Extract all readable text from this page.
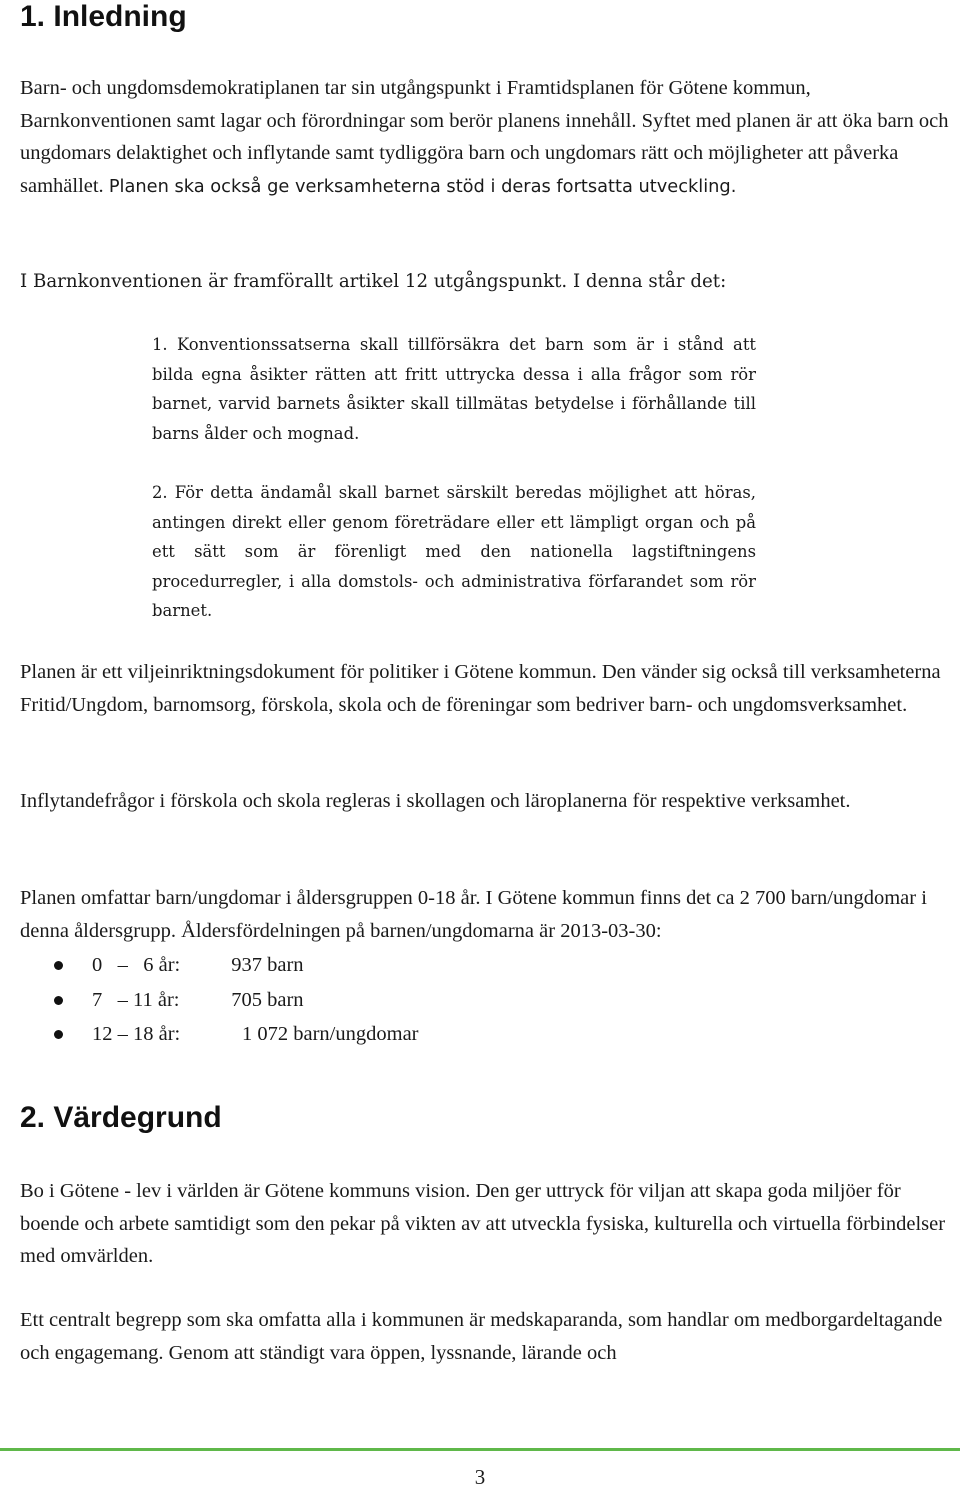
1. Inledning

Barn- och ungdomsdemokratiplanen tar sin utgångspunkt i Framtidsplanen för Götene kommun, Barnkonventionen samt lagar och förordningar som berör planens innehåll. Syftet med planen är att öka barn och ungdomars delaktighet och inflytande samt tydliggöra barn och ungdomars rätt och möjligheter att påverka samhället. Planen ska också ge verksamheterna stöd i deras fortsatta utveckling.

I Barnkonventionen är framförallt artikel 12 utgångspunkt. I denna står det:

1. Konventionssatserna skall tillförsäkra det barn som är i stånd att bilda egna åsikter rätten att fritt uttrycka dessa i alla frågor som rör barnet, varvid barnets åsikter skall tillmätas betydelse i förhållande till barns ålder och mognad.

2. För detta ändamål skall barnet särskilt beredas möjlighet att höras, antingen direkt eller genom företrädare eller ett lämpligt organ och på ett sätt som är förenligt med den nationella lagstiftningens procedurregler, i alla domstols- och administrativa förfarandet som rör barnet.

Planen är ett viljeinriktningsdokument för politiker i Götene kommun. Den vänder sig också till verksamheterna Fritid/Ungdom, barnomsorg, förskola, skola och de föreningar som bedriver barn- och ungdomsverksamhet.

Inflytandefrågor i förskola och skola regleras i skollagen och läroplanerna för respektive verksamhet.

Planen omfattar barn/ungdomar i åldersgruppen 0-18 år. I Götene kommun finns det ca 2 700 barn/ungdomar i denna åldersgrupp. Åldersfördelningen på barnen/ungdomarna är 2013-03-30:

0   –   6 år: 937 barn
7   – 11 år: 705 barn
12 – 18 år:	1 072 barn/ungdomar
2. Värdegrund

Bo i Götene - lev i världen är Götene kommuns vision. Den ger uttryck för viljan att skapa goda miljöer för boende och arbete samtidigt som den pekar på vikten av att utveckla fysiska, kulturella och virtuella förbindelser med omvärlden.

Ett centralt begrepp som ska omfatta alla i kommunen är medskaparanda, som handlar om medborgardeltagande och engagemang. Genom att ständigt vara öppen, lyssnande, lärande och

3
